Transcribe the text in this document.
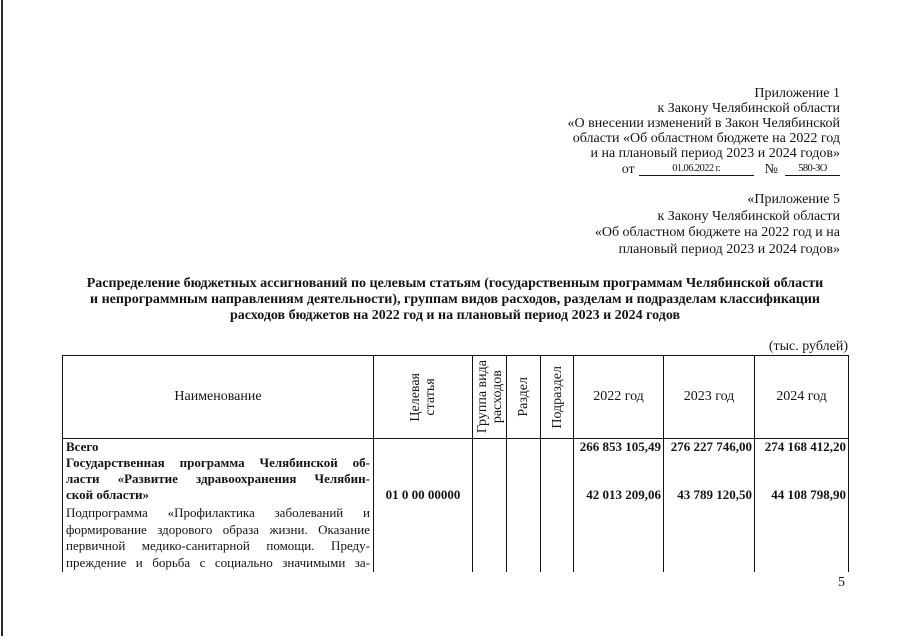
Приложение 1
к Закону Челябинской области
«О внесении изменений в Закон Челябинской
области «Об областном бюджете на 2022 год
и на плановый период 2023 и 2024 годов»
от	01.06.2022 г.	№	580-ЗО
«Приложение 5
к Закону Челябинской области
«Об областном бюджете на 2022 год и на
плановый период 2023 и 2024 годов»
Распределение бюджетных ассигнований по целевым статьям (государственным программам Челябинской области
и непрограммным направлениям деятельности), группам видов расходов, разделам и подразделам классификации
расходов бюджетов на 2022 год и на плановый период 2023 и 2024 годов
(тыс. рублей)
Наименование	Целевая статья	Группа вида расходов	Раздел	Подраздел	2022 год	2023 год	2024 год

Всего					266 853 105,49	276 227 746,00	274 168 412,20

Государственная программа Челябинской об-
ласти «Развитие здравоохранения Челябин-
ской области»	01 0 00 00000				42 013 209,06	43 789 120,50	44 108 798,90

Подпрограмма «Профилактика заболеваний и
формирование здорового образа жизни. Оказание
первичной медико-санитарной помощи. Преду-
преждение и борьба с социально значимыми за-							

5
